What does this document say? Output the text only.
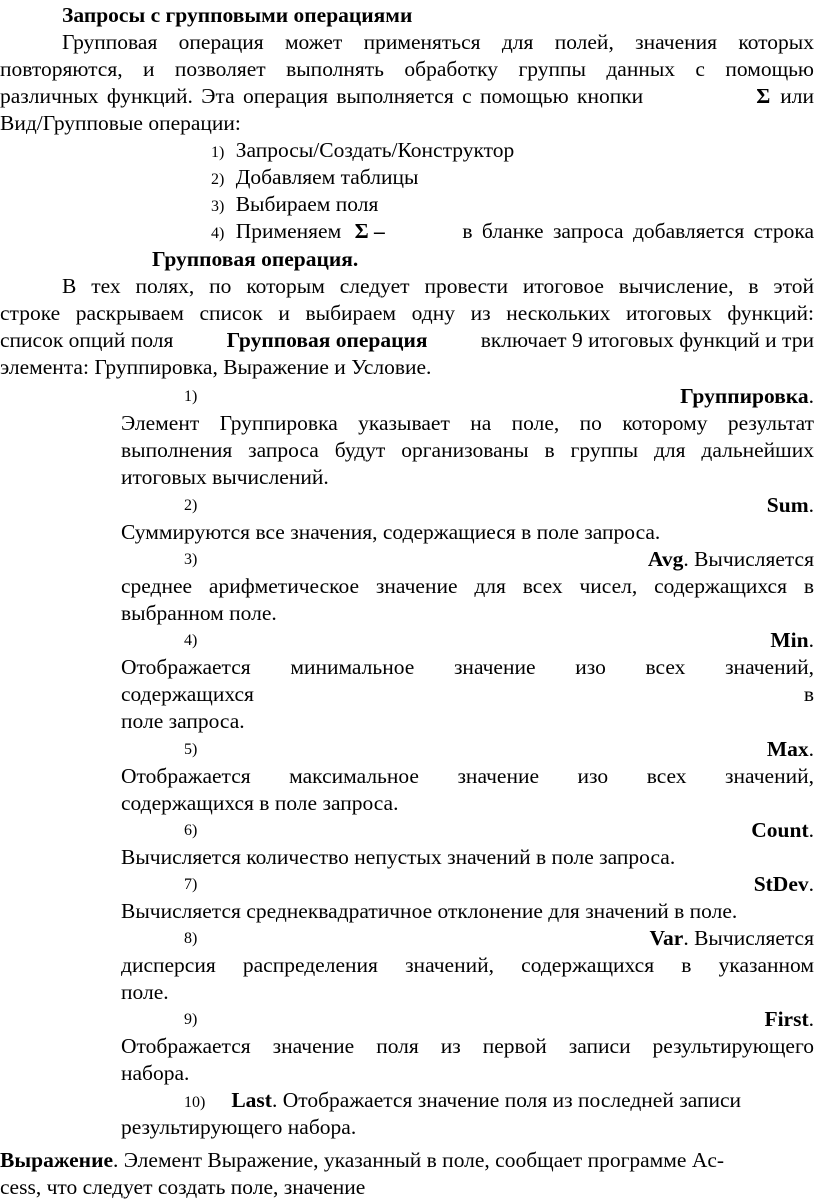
Запросы с групповыми операциями
Групповая операция может применяться для полей, значения которых
повторяются, и позволяет выполнять обработку группы данных с помощью
различных функций. Эта операция выполняется с помощью кнопки	Σ или
Вид/Групповые операции:
1) Запросы/Создать/Конструктор
2) Добавляем таблицы
3) Выбираем поля
4) Применяем Σ –	в бланке запроса добавляется строка
Групповая операция.
В тех полях, по которым следует провести итоговое вычисление, в этой
строке раскрываем список и выбираем одну из нескольких итоговых функций:
список опций поля Групповая операция включает 9 итоговых функций и три
элемента: Группировка, Выражение и Условие.
1)	Группировка.
Элемент Группировка указывает на поле, по которому результат
выполнения запроса будут организованы в группы для дальнейших
итоговых вычислений.
2)	Sum.
Суммируются все значения, содержащиеся в поле запроса.
3)	Avg. Вычисляется
среднее арифметическое значение для всех чисел, содержащихся в
выбранном поле.
4)	Min.
Отображается минимальное значение изо всех значений,
содержащихся в
поле запроса.
5)	Max.
Отображается максимальное значение изо всех значений,
содержащихся в поле запроса.
6)	Count.
Вычисляется количество непустых значений в поле запроса.
7)	StDev.
Вычисляется среднеквадратичное отклонение для значений в поле.
8)	Var. Вычисляется
дисперсия распределения значений, содержащихся в указанном
поле.
9)	First.
Отображается значение поля из первой записи результирующего
набора.
10) Last. Отображается значение поля из последней записи
результирующего набора.
Выражение. Элемент Выражение, указанный в поле, сообщает программе Ac-
cess, что следует создать поле, значение
